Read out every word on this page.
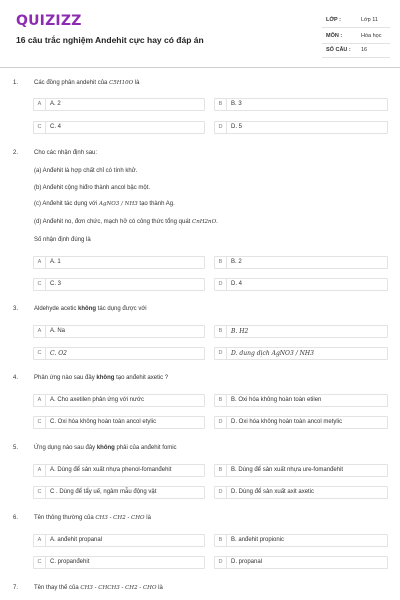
QUIZIZZ
16 câu trắc nghiệm Andehit cực hay có đáp án
LỚP :	Lớp 11
MÔN :	Hóa học
SỐ CÂU : 16
1.	Các đồng phân andehit của C5H10O là
A	A. 2	B	B. 3
C	C. 4	D	D. 5
2.	Cho các nhận định sau:
(a) Anđehit là hợp chất chỉ có tính khử.
(b) Anđehit cộng hiđro thành ancol bậc một.
(c) Anđehit tác dụng với AgNO3 / NH3 tạo thành Ag.
(d) Anđehit no, đơn chức, mạch hở có công thức tổng quát CnH2nO.
Số nhận định đúng là
A	A. 1	B	B. 2
C	C. 3	D	D. 4
3.	Aldehyde acetic không tác dụng được với
A	A. Na	B	B. H2
C	C. O2	D	D. dung dịch AgNO3 / NH3
4.	Phản ứng nào sau đây không tạo anđehit axetic ?
A	A. Cho axetilen phản ứng với nước	B	B. Oxi hóa không hoàn toàn etilen
C	C. Oxi hóa không hoàn toàn ancol etylic	D	D. Oxi hóa không hoàn toàn ancol metylic
5.	Ứng dụng nào sau đây không phải của anđehit fomic
A	A. Dùng để sản xuất nhựa phenol-fomanđehit	B	B. Dùng để sản xuất nhựa ure-fomanđehit
C	C . Dùng để tẩy uế, ngâm mẫu động vật	D	D. Dùng để sản xuất axit axetic
6.	Tên thông thường của CH3 - CH2 - CHO là
A	A. anđehit propanal	B	B. anđehit propionic
C	C. propanđehit	D	D. propanal
7.	Tên thay thế của CH3 - CHCH3 - CH2 - CHO là
